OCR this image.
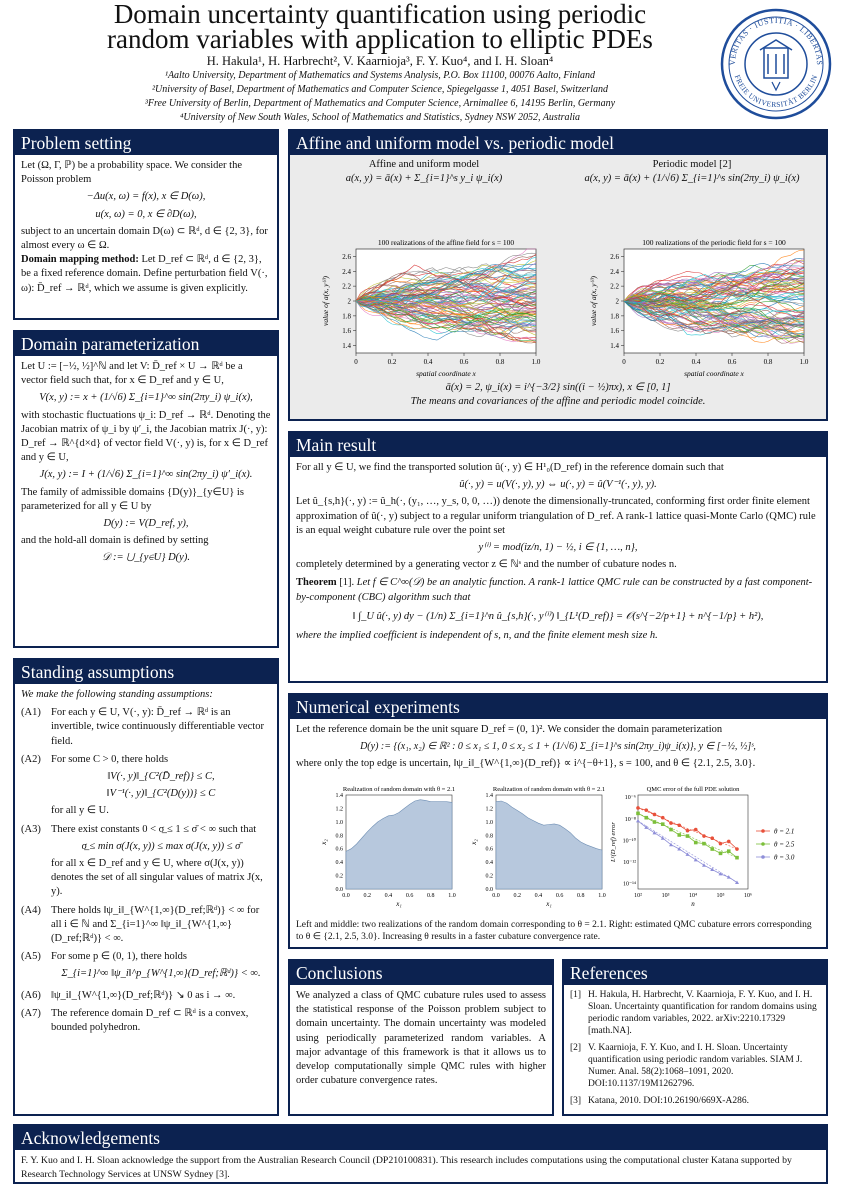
Domain uncertainty quantification using periodic
random variables with application to elliptic PDEs
H. Hakula¹, H. Harbrecht², V. Kaarnioja³, F. Y. Kuo⁴, and I. H. Sloan⁴
¹Aalto University, Department of Mathematics and Systems Analysis, P.O. Box 11100, 00076 Aalto, Finland
²University of Basel, Department of Mathematics and Computer Science, Spiegelgasse 1, 4051 Basel, Switzerland
³Free University of Berlin, Department of Mathematics and Computer Science, Arnimallee 6, 14195 Berlin, Germany
⁴University of New South Wales, School of Mathematics and Statistics, Sydney NSW 2052, Australia
VERITAS · IUSTITIA · LIBERTAS
FREIE UNIVERSITÄT BERLIN
Problem setting
Let (Ω, Γ, ℙ) be a probability space. We consider the Poisson problem
−Δu(x, ω) = f(x), x ∈ D(ω),
u(x, ω) = 0, x ∈ ∂D(ω),
subject to an uncertain domain D(ω) ⊂ ℝᵈ, d ∈ {2, 3}, for almost every ω ∈ Ω.
Domain mapping method: Let D_ref ⊂ ℝᵈ, d ∈ {2, 3}, be a fixed reference domain. Define perturbation field V(·, ω): D̄_ref → ℝᵈ, which we assume is given explicitly.
Domain parameterization
Let U := [−½, ½]^ℕ and let V: D̄_ref × U → ℝᵈ be a vector field such that, for x ∈ D_ref and y ∈ U,
V(x, y) := x + (1/√6) Σ_{i=1}^∞ sin(2πy_i) ψ_i(x),
with stochastic fluctuations ψ_i: D_ref → ℝᵈ. Denoting the Jacobian matrix of ψ_i by ψ′_i, the Jacobian matrix J(·, y): D_ref → ℝ^{d×d} of vector field V(·, y) is, for x ∈ D_ref and y ∈ U,
J(x, y) := I + (1/√6) Σ_{i=1}^∞ sin(2πy_i) ψ′_i(x).
The family of admissible domains {D(y)}_{y∈U} is parameterized for all y ∈ U by
D(y) := V(D_ref, y),
and the hold-all domain is defined by setting
𝒟 := ⋃_{y∈U} D(y).
Standing assumptions
We make the following standing assumptions:
(A1) For each y ∈ U, V(·, y): D̄_ref → ℝᵈ is an invertible, twice continuously differentiable vector field.
(A2) For some C > 0, there holds
‖V(·, y)‖_{C²(D̄_ref)} ≤ C,
‖V⁻¹(·, y)‖_{C²(D(y))} ≤ C
for all y ∈ U.
(A3) There exist constants 0 < σ̲ ≤ 1 ≤ σ̄ < ∞ such that
σ̲ ≤ min σ(J(x, y)) ≤ max σ(J(x, y)) ≤ σ̄
for all x ∈ D_ref and y ∈ U, where σ(J(x, y)) denotes the set of all singular values of matrix J(x, y).
(A4) There holds ‖ψ_i‖_{W^{1,∞}(D_ref;ℝᵈ)} < ∞ for all i ∈ ℕ and Σ_{i=1}^∞ ‖ψ_i‖_{W^{1,∞}(D_ref;ℝᵈ)} < ∞.
(A5) For some p ∈ (0, 1), there holds
Σ_{i=1}^∞ ‖ψ_i‖^p_{W^{1,∞}(D_ref;ℝᵈ)} < ∞.
(A6) ‖ψ_i‖_{W^{1,∞}(D_ref;ℝᵈ)} ↘ 0 as i → ∞.
(A7) The reference domain D_ref ⊂ ℝᵈ is a convex, bounded polyhedron.
Affine and uniform model vs. periodic model
Affine and uniform model
a(x, y) = ā(x) + Σ_{i=1}^s y_i ψ_i(x)
Periodic model [2]
a(x, y) = ā(x) + (1/√6) Σ_{i=1}^s sin(2πy_i) ψ_i(x)
100 realizations of the affine field for s = 100
0	0.2	0.4	0.6	0.8	1.0
1.4
1.6
1.8
2
2.2
2.4
2.6
spatial coordinate x
value of a(x, y⁽ⁱ⁾)
100 realizations of the periodic field for s = 100
0	0.2	0.4	0.6	0.8	1.0
1.4
1.6
1.8
2
2.2
2.4
2.6
spatial coordinate x
value of a(x, y⁽ⁱ⁾)
ā(x) = 2, ψ_i(x) = i^{−3/2} sin((i − ½)πx), x ∈ [0, 1]
The means and covariances of the affine and periodic model coincide.
Main result
For all y ∈ U, we find the transported solution û(·, y) ∈ H¹₀(D_ref) in the reference domain such that
û(·, y) = u(V(·, y), y) ⇔ u(·, y) = û(V⁻¹(·, y), y).
Let û_{s,h}(·, y) := û_h(·, (y₁, …, y_s, 0, 0, …)) denote the dimensionally-truncated, conforming first order finite element approximation of û(·, y) subject to a regular uniform triangulation of D_ref. A rank-1 lattice quasi-Monte Carlo (QMC) rule is an equal weight cubature rule over the point set
y⁽ⁱ⁾ = mod(iz/n, 1) − ½, i ∈ {1, …, n},
completely determined by a generating vector z ∈ ℕˢ and the number of cubature nodes n.
Theorem [1]. Let f ∈ C^∞(𝒟) be an analytic function. A rank-1 lattice QMC rule can be constructed by a fast component-by-component (CBC) algorithm such that
‖ ∫_U û(·, y) dy − (1/n) Σ_{i=1}^n û_{s,h}(·, y⁽ⁱ⁾) ‖_{L¹(D_ref)} = 𝒪(s^{−2/p+1} + n^{−1/p} + h²),
where the implied coefficient is independent of s, n, and the finite element mesh size h.
Numerical experiments
Let the reference domain be the unit square D_ref = (0, 1)². We consider the domain parameterization
D(y) := {(x₁, x₂) ∈ ℝ² : 0 ≤ x₁ ≤ 1, 0 ≤ x₂ ≤ 1 + (1/√6) Σ_{i=1}^s sin(2πy_i)ψ_i(x)}, y ∈ [−½, ½]ˢ,
where only the top edge is uncertain, ‖ψ_i‖_{W^{1,∞}(D_ref)} ∝ i^{−θ+1}, s = 100, and θ ∈ {2.1, 2.5, 3.0}.
Realization of random domain with θ = 2.1
0.0 0.2 0.4 0.6 0.8 1.0
0.0
0.2
0.4
0.6
0.8
1.0
1.2
1.4
x₁
x₂
Realization of random domain with θ = 2.1
0.0 0.2 0.4 0.6 0.8 1.0
0.0
0.2
0.4
0.6
0.8
1.0
1.2
1.4
x₁
x₂
QMC error of the full PDE solution
10²	10³	10⁴	10⁵	10⁶
10⁻¹⁴
10⁻¹²
10⁻¹⁰
10⁻⁸
10⁻⁶
n
L¹(D_ref) error	θ = 2.1
θ = 2.5
θ = 3.0
Left and middle: two realizations of the random domain corresponding to θ = 2.1. Right: estimated QMC cubature errors corresponding to θ ∈ {2.1, 2.5, 3.0}. Increasing θ results in a faster cubature convergence rate.
Conclusions
We analyzed a class of QMC cubature rules used to assess the statistical response of the Poisson problem subject to domain uncertainty. The domain uncertainty was modeled using periodically parameterized random variables. A major advantage of this framework is that it allows us to develop computationally simple QMC rules with higher order cubature convergence rates.
References
[1] H. Hakula, H. Harbrecht, V. Kaarnioja, F. Y. Kuo, and I. H. Sloan. Uncertainty quantification for random domains using periodic random variables, 2022. arXiv:2210.17329 [math.NA].
[2] V. Kaarnioja, F. Y. Kuo, and I. H. Sloan. Uncertainty quantification using periodic random variables. SIAM J. Numer. Anal. 58(2):1068–1091, 2020. DOI:10.1137/19M1262796.
[3] Katana, 2010. DOI:10.26190/669X-A286.
Acknowledgements
F. Y. Kuo and I. H. Sloan acknowledge the support from the Australian Research Council (DP210100831). This research includes computations using the computational cluster Katana supported by Research Technology Services at UNSW Sydney [3].
